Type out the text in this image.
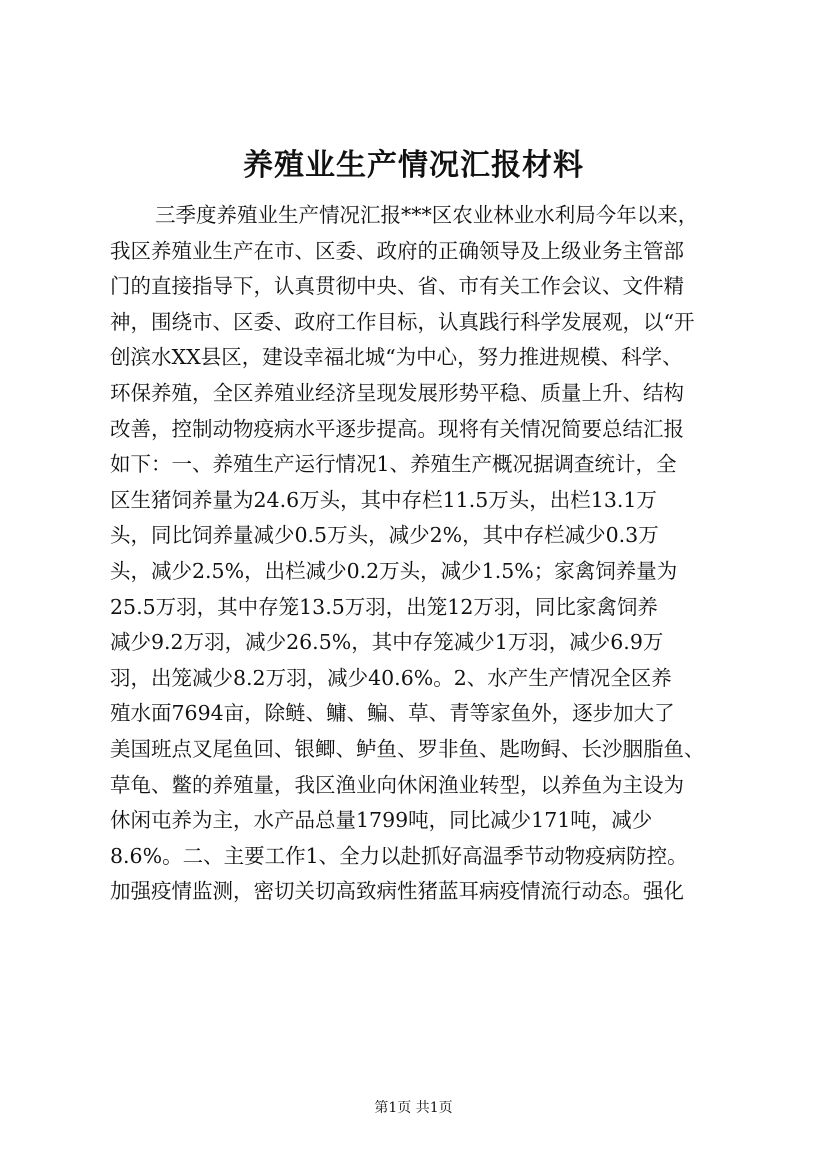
养殖业生产情况汇报材料
三季度养殖业生产情况汇报***区农业林业水利局今年以来，
我区养殖业生产在市、区委、政府的正确领导及上级业务主管部
门的直接指导下，认真贯彻中央、省、市有关工作会议、文件精
神，围绕市、区委、政府工作目标，认真践行科学发展观，以“开
创滨水XX县区，建设幸福北城“为中心，努力推进规模、科学、
环保养殖，全区养殖业经济呈现发展形势平稳、质量上升、结构
改善，控制动物疫病水平逐步提高。现将有关情况简要总结汇报
如下：一、养殖生产运行情况1、养殖生产概况据调查统计，全
区生猪饲养量为24.6万头，其中存栏11.5万头，出栏13.1万
头，同比饲养量减少0.5万头，减少2%，其中存栏减少0.3万
头，减少2.5%，出栏减少0.2万头，减少1.5%；家禽饲养量为
25.5万羽，其中存笼13.5万羽，出笼12万羽，同比家禽饲养
减少9.2万羽，减少26.5%，其中存笼减少1万羽，减少6.9万
羽，出笼减少8.2万羽，减少40.6%。2、水产生产情况全区养
殖水面7694亩，除鲢、鳙、鳊、草、青等家鱼外，逐步加大了
美国班点叉尾鱼回、银鲫、鲈鱼、罗非鱼、匙吻鲟、长沙胭脂鱼、
草龟、鳖的养殖量，我区渔业向休闲渔业转型，以养鱼为主设为
休闲屯养为主，水产品总量1799吨，同比减少171吨，减少
8.6%。二、主要工作1、全力以赴抓好高温季节动物疫病防控。
加强疫情监测，密切关切高致病性猪蓝耳病疫情流行动态。强化
第1页 共1页
